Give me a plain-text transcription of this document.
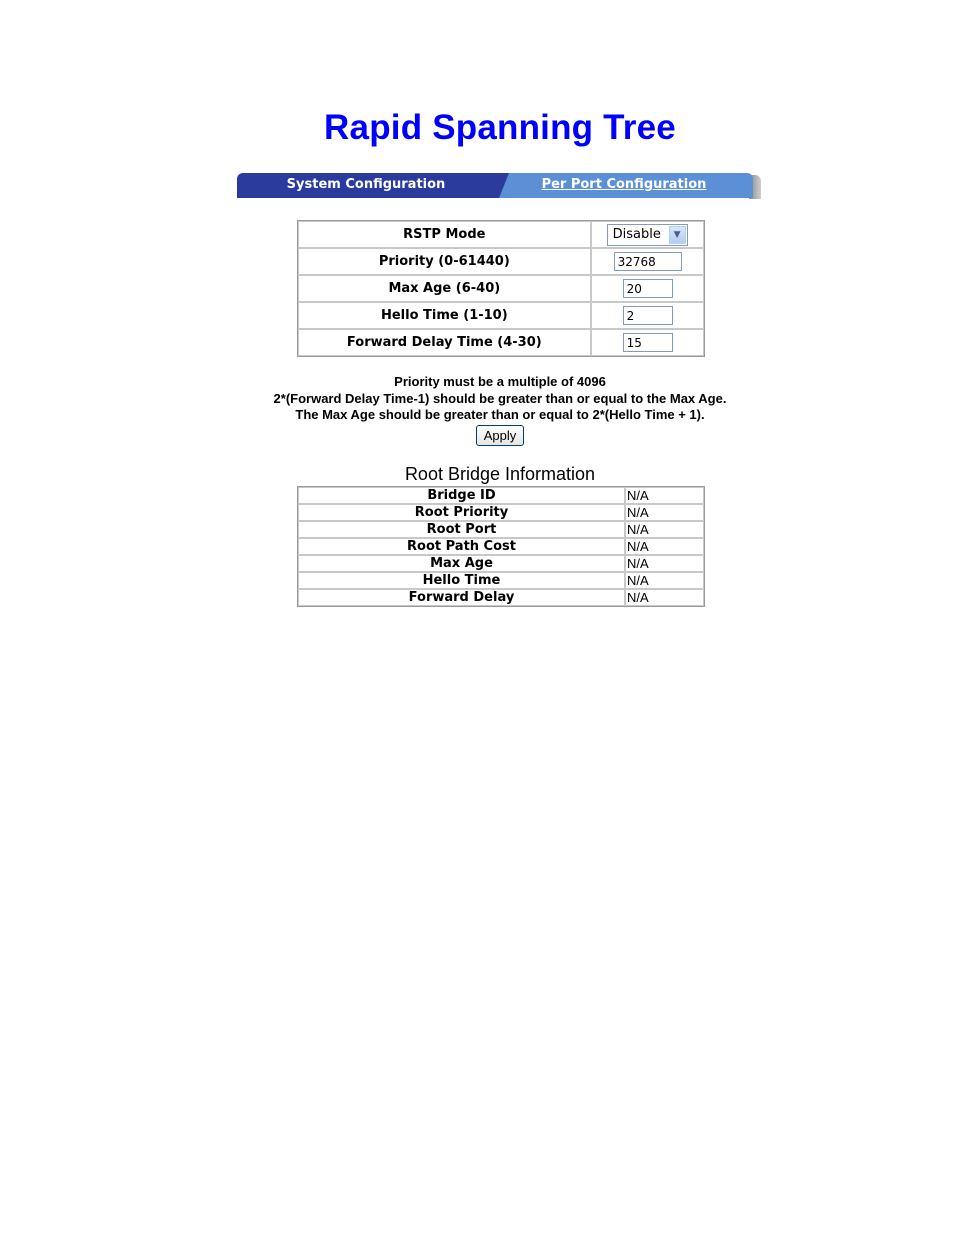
Rapid Spanning Tree
System Configuration	Per Port Configuration
RSTP Mode	Disable ▼

Priority (0-61440)	32768

Max Age (6-40)	20

Hello Time (1-10)	2

Forward Delay Time (4-30)	15
Priority must be a multiple of 4096
2*(Forward Delay Time-1) should be greater than or equal to the Max Age.
The Max Age should be greater than or equal to 2*(Hello Time + 1).
Apply
Root Bridge Information
Bridge ID	N/A
Root Priority	N/A
Root Port	N/A
Root Path Cost	N/A
Max Age	N/A
Hello Time	N/A
Forward Delay	N/A
